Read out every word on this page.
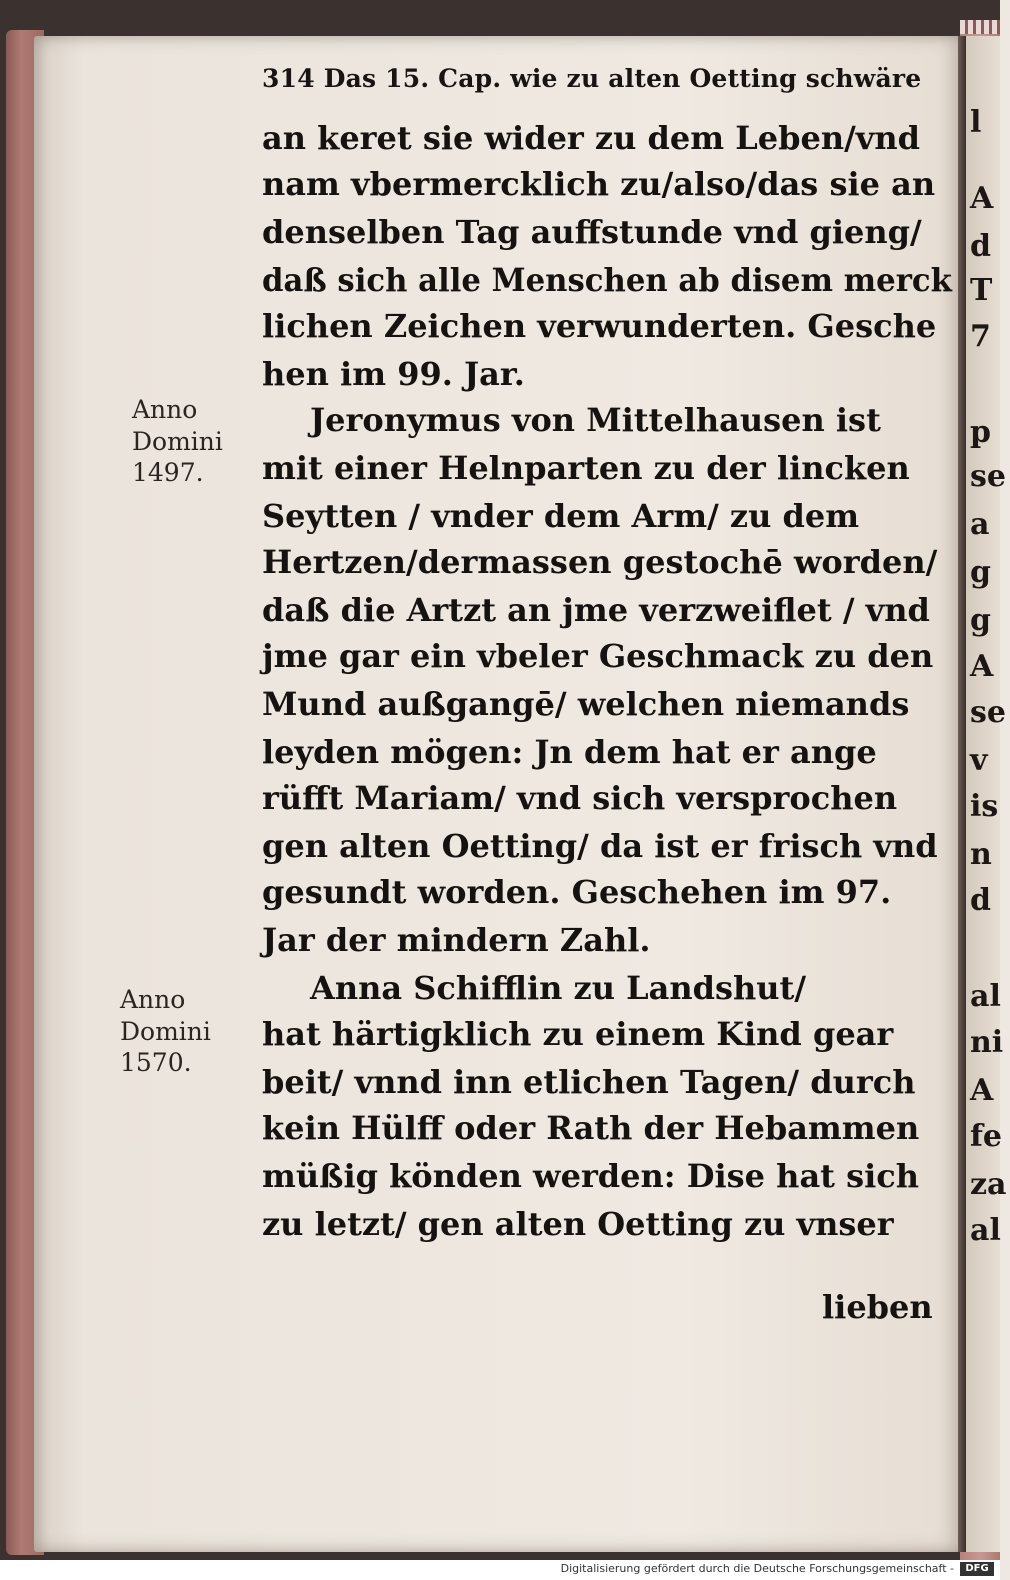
l
A
d
T
7
p
se
a
g
g
A
se
v
is
n
d
al
ni
A
fe
za
al
314 Das 15. Cap. wie zu alten Oetting schwäre
an keret sie wider zu dem Leben/vnd
nam vbermercklich zu/also/das sie an
denselben Tag auffstunde vnd gieng/
daß sich alle Menschen ab disem merck
lichen Zeichen verwunderten. Gesche
hen im 99. Jar.
Jeronymus von Mittelhausen ist
mit einer Helnparten zu der lincken
Seytten / vnder dem Arm/ zu dem
Hertzen/dermassen gestochē worden/
daß die Artzt an jme verzweiflet / vnd
jme gar ein vbeler Geschmack zu den
Mund außgangē/ welchen niemands
leyden mögen: Jn dem hat er ange
rüfft Mariam/ vnd sich versprochen
gen alten Oetting/ da ist er frisch vnd
gesundt worden. Geschehen im 97.
Jar der mindern Zahl.
Anna Schifflin zu Landshut/
hat härtigklich zu einem Kind gear
beit/ vnnd inn etlichen Tagen/ durch
kein Hülff oder Rath der Hebammen
müßig könden werden: Dise hat sich
zu letzt/ gen alten Oetting zu vnser
lieben
Anno
Domini
1497.
Anno
Domini
1570.
Digitalisierung gefördert durch die Deutsche Forschungsgemeinschaft -	DFG
